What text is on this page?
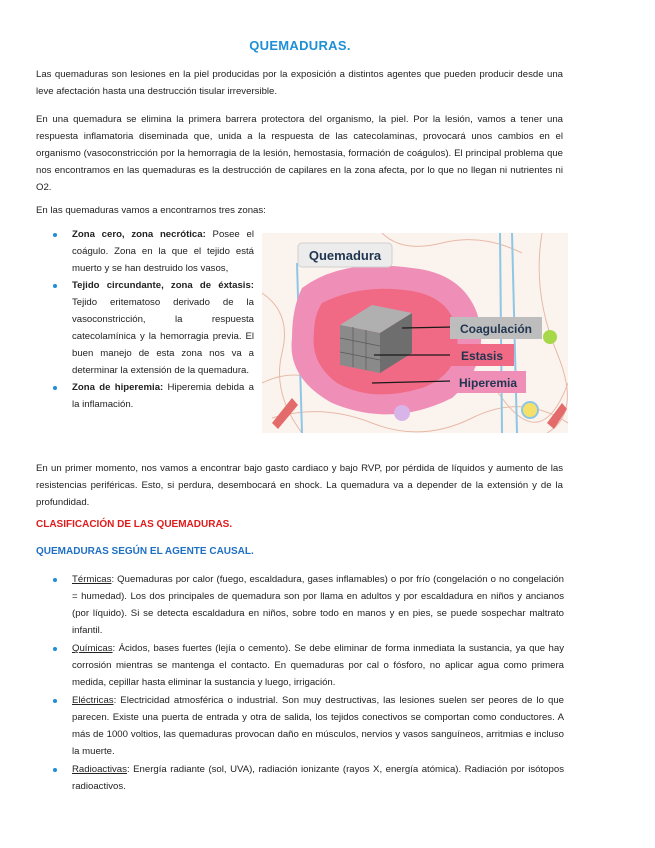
QUEMADURAS.

Las quemaduras son lesiones en la piel producidas por la exposición a distintos agentes que pueden producir desde una leve afectación hasta una destrucción tisular irreversible.

En una quemadura se elimina la primera barrera protectora del organismo, la piel. Por la lesión, vamos a tener una respuesta inflamatoria diseminada que, unida a la respuesta de las catecolaminas, provocará unos cambios en el organismo (vasoconstricción por la hemorragia de la lesión, hemostasia, formación de coágulos). El principal problema que nos encontramos en las quemaduras es la destrucción de capilares en la zona afecta, por lo que no llegan ni nutrientes ni O2.

En las quemaduras vamos a encontrarnos tres zonas:

Zona cero, zona necrótica: Posee el coágulo. Zona en la que el tejido está muerto y se han destruido los vasos,
Tejido circundante, zona de éxtasis: Tejido eritematoso derivado de la vasoconstricción, la respuesta catecolamínica y la hemorragia previa. El buen manejo de esta zona nos va a determinar la extensión de la quemadura.
Zona de hiperemia: Hiperemia debida a la inflamación.
Quemadura
Coagulación
Estasis
Hiperemia

En un primer momento, nos vamos a encontrar bajo gasto cardiaco y bajo RVP, por pérdida de líquidos y aumento de las resistencias periféricas. Esto, si perdura, desembocará en shock. La quemadura va a depender de la extensión y de la profundidad.

CLASIFICACIÓN DE LAS QUEMADURAS.
QUEMADURAS SEGÚN EL AGENTE CAUSAL.
Térmicas: Quemaduras por calor (fuego, escaldadura, gases inflamables) o por frío (congelación o no congelación = humedad). Los dos principales de quemadura son por llama en adultos y por escaldadura en niños y ancianos (por líquido). Si se detecta escaldadura en niños, sobre todo en manos y en pies, se puede sospechar maltrato infantil.
Químicas: Ácidos, bases fuertes (lejía o cemento). Se debe eliminar de forma inmediata la sustancia, ya que hay corrosión mientras se mantenga el contacto. En quemaduras por cal o fósforo, no aplicar agua como primera medida, cepillar hasta eliminar la sustancia y luego, irrigación.
Eléctricas: Electricidad atmosférica o industrial. Son muy destructivas, las lesiones suelen ser peores de lo que parecen. Existe una puerta de entrada y otra de salida, los tejidos conectivos se comportan como conductores. A más de 1000 voltios, las quemaduras provocan daño en músculos, nervios y vasos sanguíneos, arritmias e incluso la muerte.
Radioactivas: Energía radiante (sol, UVA), radiación ionizante (rayos X, energía atómica). Radiación por isótopos radioactivos.
